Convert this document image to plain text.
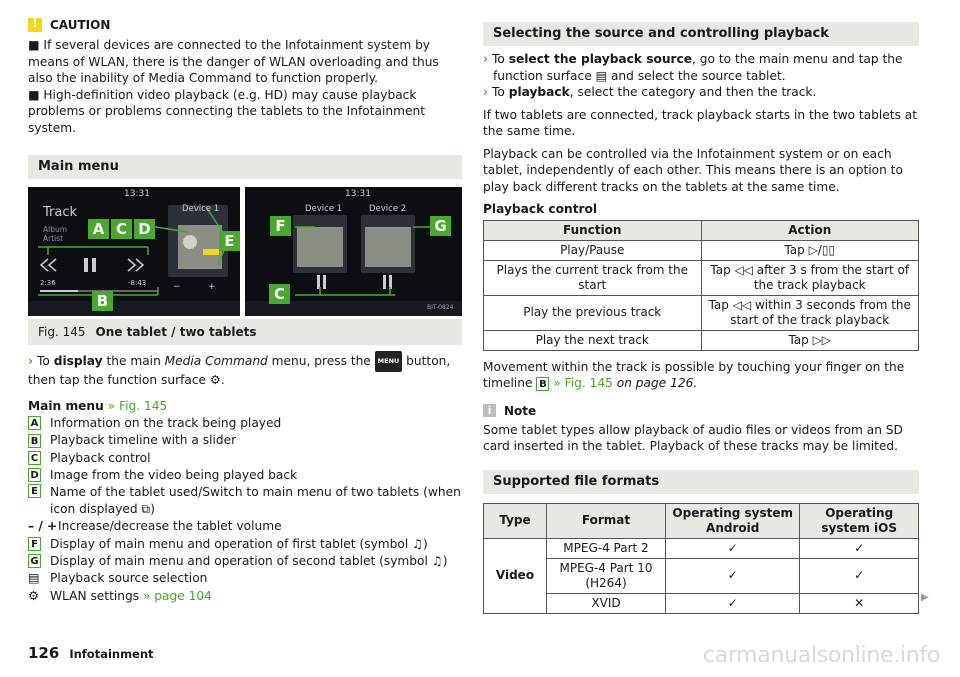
!
CAUTION

■ If several devices are connected to the Infotainment system by means of WLAN, there is the danger of WLAN overloading and thus also the inability of Media Command to function properly.

■ High-definition video playback (e.g. HD) may cause playback problems or problems connecting the tablets to the Infotainment system.

Main menu
−	+
13:31
Device 1
Track
Album
Artist
2:36	-8:43
A C D
E
B
13:31
Device 1	Device 2
BIT-0824
F	G
C
Fig. 145 One tablet / two tablets

› To display the main Media Command menu, press the MENU button, then tap the function surface ⚙.

Main menu » Fig. 145

A Information on the track being played
B Playback timeline with a slider
C Playback control
D Image from the video being played back
E Name of the tablet used/Switch to main menu of two tablets (when icon displayed ⧉)
– / + Increase/decrease the tablet volume
F Display of main menu and operation of first tablet (symbol
♫ )
G Display of main menu and operation of second tablet (symbol
♫ )
▤ Playback source selection
⚙ WLAN settings
» page 104
Selecting the source and controlling playback

› To select the playback source, go to the main menu and tap the function surface ▤ and select the source tablet.

› To playback, select the category and then the track.

If two tablets are connected, track playback starts in the two tablets at the same time.

Playback can be controlled via the Infotainment system or on each tablet, independently of each other. This means there is an option to play back different tracks on the tablets at the same time.

Playback control

Function	Action
Play/Pause	Tap ▷/▯▯
Plays the current track from the start	Tap ◁◁ after 3 s from the start of the track playback
Play the previous track	Tap ◁◁ within 3 seconds from the start of the track playback
Play the next track	Tap ▷▷

Movement within the track is possible by touching your finger on the timeline B » Fig. 145 on page 126.

i	Note

Some tablet types allow playback of audio files or videos from an SD card inserted in the tablet. Playback of these tracks may be limited.

Supported file formats
Type	Format	Operating system Android	Operating system iOS
Video	MPEG-4 Part 2	✓	✓
	MPEG-4 Part 10 (H264)	✓	✓
	XVID	✓	✕	▶
126 Infotainment	carmanualsonline.info
